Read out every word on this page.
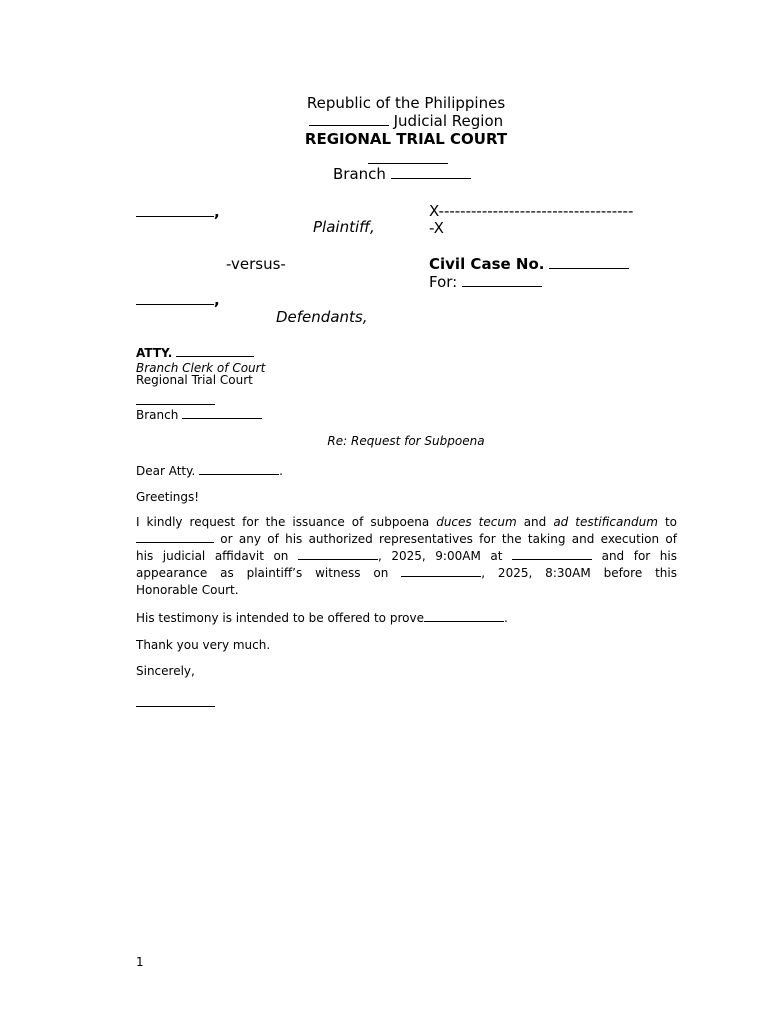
Republic of the Philippines
Judicial Region
REGIONAL TRIAL COURT
Branch
,
Plaintiff,
-versus-
,
Defendants,
X------------------------------------
-X
Civil Case No.
For:
ATTY.
Branch Clerk of Court
Regional Trial Court
Branch
Re: Request for Subpoena
Dear Atty.	.
Greetings!
I kindly request for the issuance of subpoena duces tecum and ad testificandum to
or any of his authorized representatives for the taking and execution of
his judicial affidavit on	, 2025, 9:00AM at	and for his
appearance as plaintiff’s witness on	, 2025, 8:30AM before this
Honorable Court.
His testimony is intended to be offered to prove	.
Thank you very much.
Sincerely,
1
